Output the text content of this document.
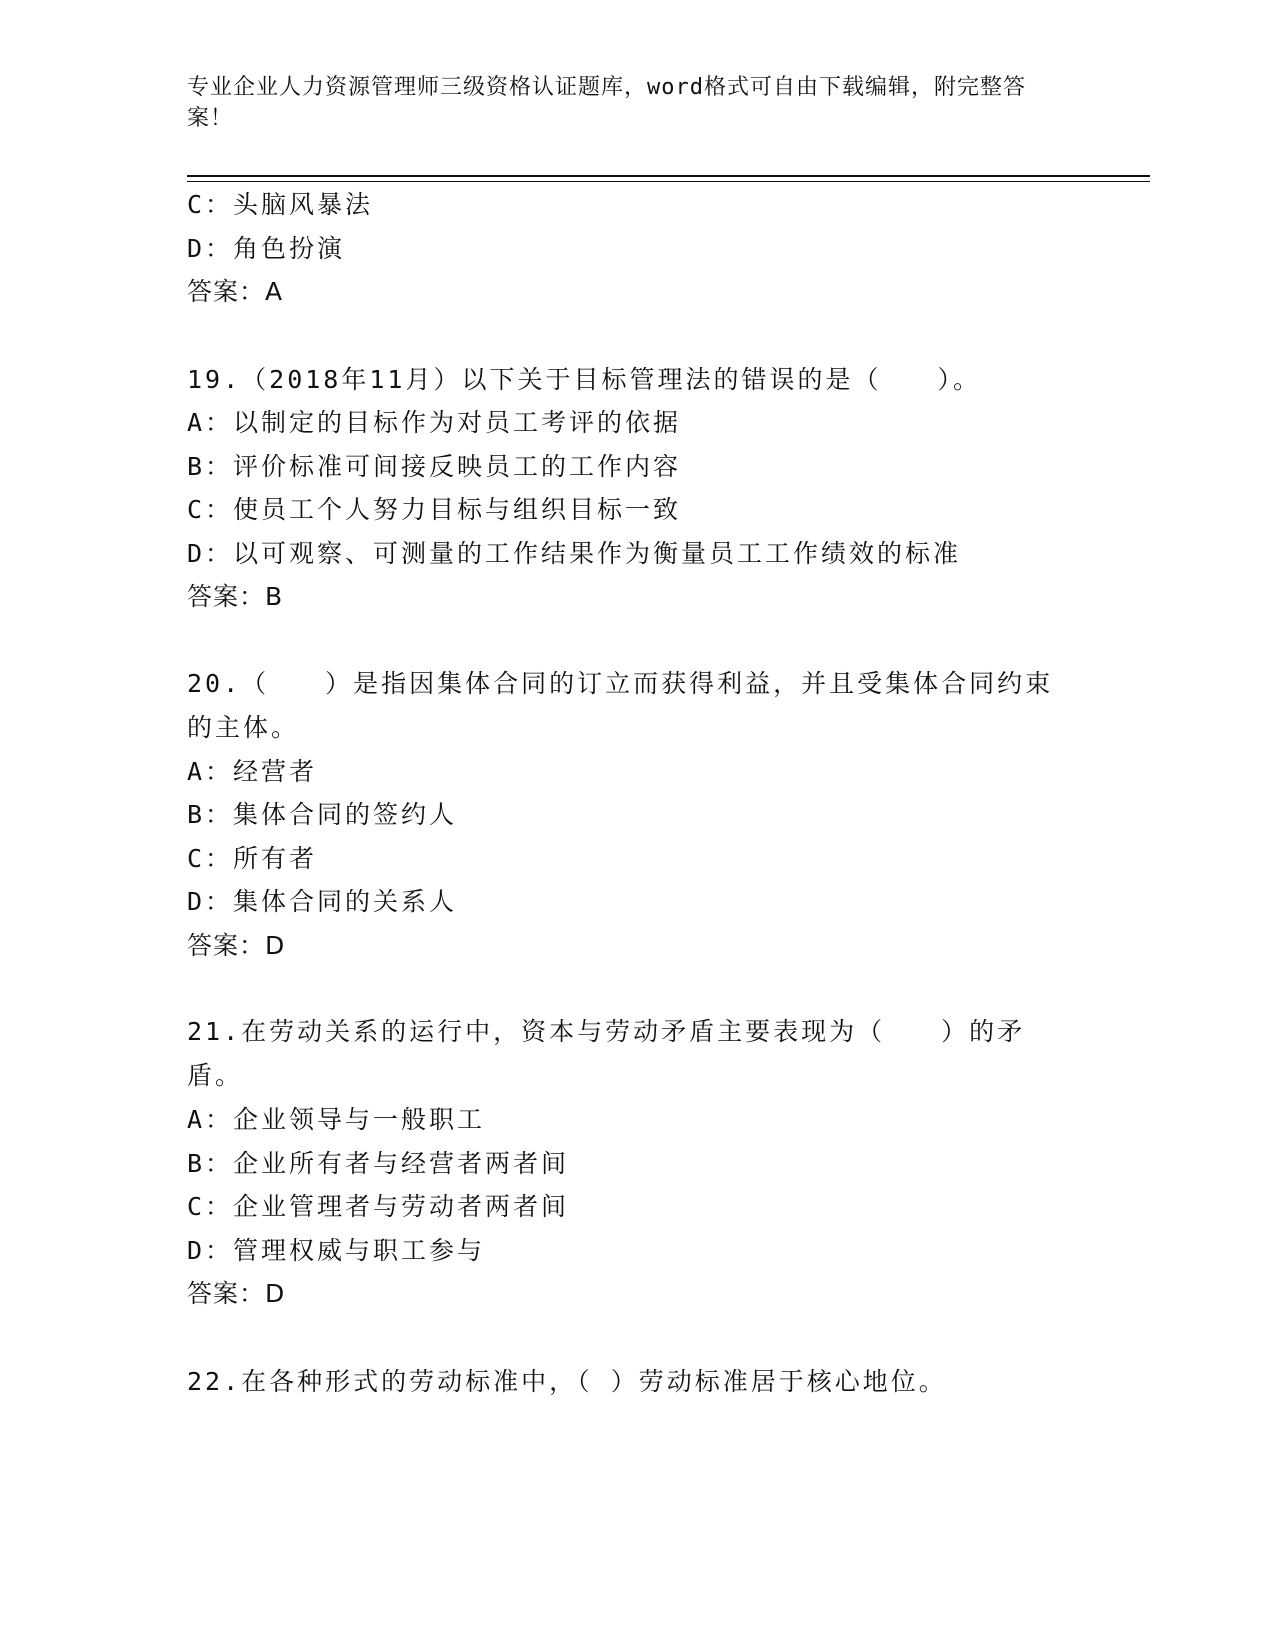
专业企业人力资源管理师三级资格认证题库，word格式可自由下载编辑，附完整答案！
C：头脑风暴法
D：角色扮演
答案：A
19.（2018年11月）以下关于目标管理法的错误的是（　　）。
A：以制定的目标作为对员工考评的依据
B：评价标准可间接反映员工的工作内容
C：使员工个人努力目标与组织目标一致
D：以可观察、可测量的工作结果作为衡量员工工作绩效的标准
答案：B
20.（　　）是指因集体合同的订立而获得利益，并且受集体合同约束的主体。
A：经营者
B：集体合同的签约人
C：所有者
D：集体合同的关系人
答案：D
21.在劳动关系的运行中，资本与劳动矛盾主要表现为（　　）的矛盾。
A：企业领导与一般职工
B：企业所有者与经营者两者间
C：企业管理者与劳动者两者间
D：管理权威与职工参与
答案：D
22.在各种形式的劳动标准中，（ ）劳动标准居于核心地位。
